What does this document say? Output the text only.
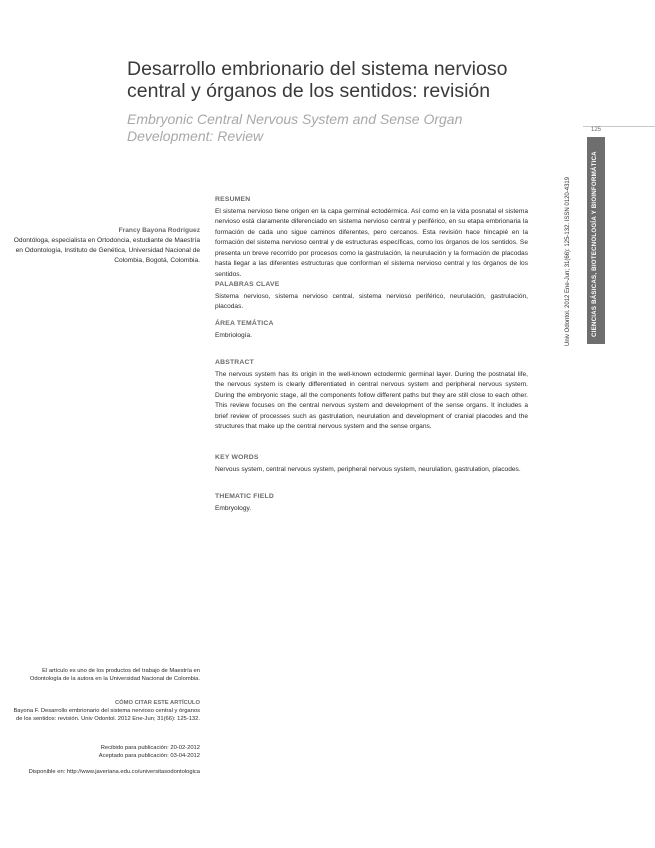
Desarrollo embrionario del sistema nervioso central y órganos de los sentidos: revisión
Embryonic Central Nervous System and Sense Organ Development: Review	125
CIENCIAS BÁSICAS, BIOTECNOLOGÍA Y BIOINFORMÁTICA
Univ Odontol. 2012 Ene-Jun; 31(66): 125-132. ISSN 0120-4319
Francy Bayona Rodríguez
Odontóloga, especialista en Ortodoncia, estudiante de Maestría en Odontología, Instituto de Genética, Universidad Nacional de Colombia, Bogotá, Colombia.
RESUMEN
El sistema nervioso tiene origen en la capa germinal ectodérmica. Así como en la vida posnatal el sistema nervioso está claramente diferenciado en sistema nervioso central y periférico, en su etapa embrionaria la formación de cada uno sigue caminos diferentes, pero cercanos. Esta revisión hace hincapié en la formación del sistema nervioso central y de estructuras específicas, como los órganos de los sentidos. Se presenta un breve recorrido por procesos como la gastrulación, la neurulación y la formación de placodas hasta llegar a las diferentes estructuras que conforman el sistema nervioso central y los órganos de los sentidos.
PALABRAS CLAVE
Sistema nervioso, sistema nervioso central, sistema nervioso periférico, neurulación, gastrulación, placodas.
ÁREA TEMÁTICA
Embriología.
ABSTRACT
The nervous system has its origin in the well-known ectodermic germinal layer. During the postnatal life, the nervous system is clearly differentiated in central nervous system and peripheral nervous system. During the embryonic stage, all the components follow different paths but they are still close to each other. This review focuses on the central nervous system and development of the sense organs. It includes a brief review of processes such as gastrulation, neurulation and development of cranial placodes and the structures that make up the central nervous system and the sense organs.
KEY WORDS
Nervous system, central nervous system, peripheral nervous system, neurulation, gastrulation, placodes.
THEMATIC FIELD
Embryology.
El artículo es uno de los productos del trabajo de Maestría en Odontología de la autora en la Universidad Nacional de Colombia.
CÓMO CITAR ESTE ARTÍCULO
Bayona F. Desarrollo embrionario del sistema nervioso central y órganos de los sentidos: revisión. Univ Odontol. 2012 Ene-Jun; 31(66): 125-132.
Recibido para publicación: 20-02-2012
Aceptado para publicación: 03-04-2012
Disponible en: http://www.javeriana.edu.co/universitasodontologica
